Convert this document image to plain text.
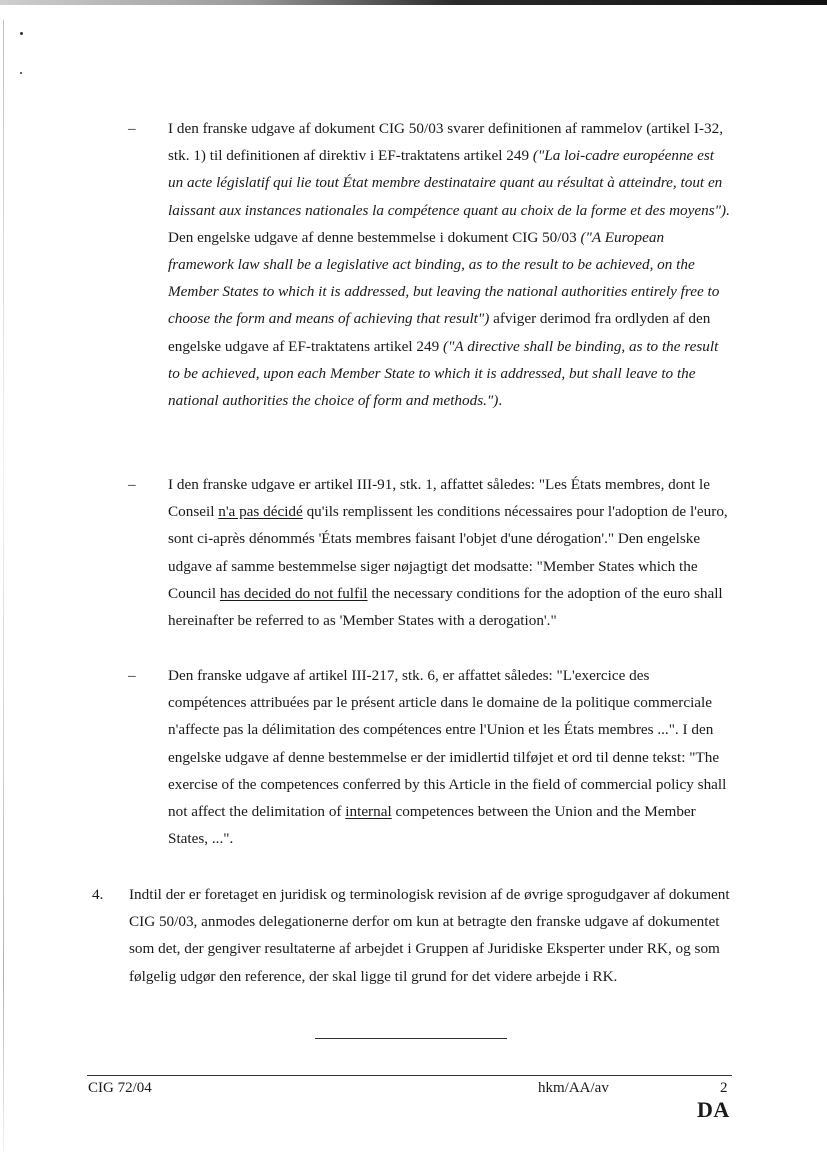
– I den franske udgave af dokument CIG 50/03 svarer definitionen af rammelov (artikel I-32, stk. 1) til definitionen af direktiv i EF-traktatens artikel 249 ("La loi-cadre européenne est un acte législatif qui lie tout État membre destinataire quant au résultat à atteindre, tout en laissant aux instances nationales la compétence quant au choix de la forme et des moyens"). Den engelske udgave af denne bestemmelse i dokument CIG 50/03 ("A European framework law shall be a legislative act binding, as to the result to be achieved, on the Member States to which it is addressed, but leaving the national authorities entirely free to choose the form and means of achieving that result") afviger derimod fra ordlyden af den engelske udgave af EF-traktatens artikel 249 ("A directive shall be binding, as to the result to be achieved, upon each Member State to which it is addressed, but shall leave to the national authorities the choice of form and methods.").
– I den franske udgave er artikel III-91, stk. 1, affattet således: "Les États membres, dont le Conseil n'a pas décidé qu'ils remplissent les conditions nécessaires pour l'adoption de l'euro, sont ci-après dénommés 'États membres faisant l'objet d'une dérogation'." Den engelske udgave af samme bestemmelse siger nøjagtigt det modsatte: "Member States which the Council has decided do not fulfil the necessary conditions for the adoption of the euro shall hereinafter be referred to as 'Member States with a derogation'."
– Den franske udgave af artikel III-217, stk. 6, er affattet således: "L'exercice des compétences attribuées par le présent article dans le domaine de la politique commerciale n'affecte pas la délimitation des compétences entre l'Union et les États membres ...". I den engelske udgave af denne bestemmelse er der imidlertid tilføjet et ord til denne tekst: "The exercise of the competences conferred by this Article in the field of commercial policy shall not affect the delimitation of internal competences between the Union and the Member States, ...".
4. Indtil der er foretaget en juridisk og terminologisk revision af de øvrige sprogudgaver af dokument CIG 50/03, anmodes delegationerne derfor om kun at betragte den franske udgave af dokumentet som det, der gengiver resultaterne af arbejdet i Gruppen af Juridiske Eksperter under RK, og som følgelig udgør den reference, der skal ligge til grund for det videre arbejde i RK.
CIG 72/04	hkm/AA/av	2
DA
